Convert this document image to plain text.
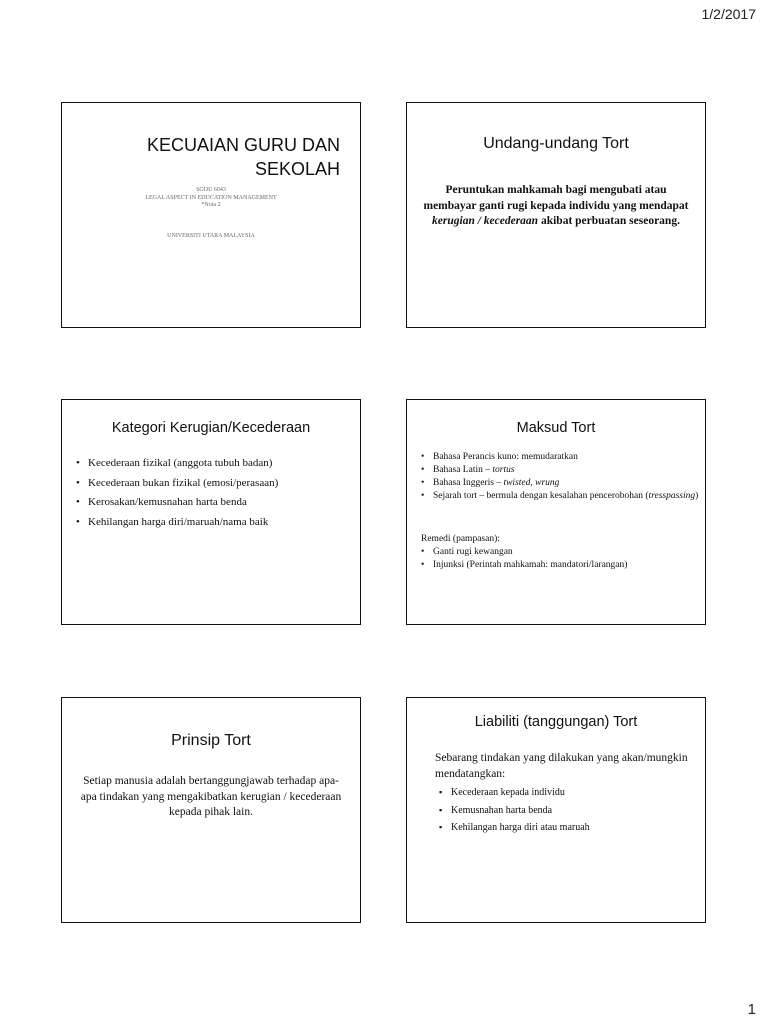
1/2/2017
KECUAIAN GURU DAN
SEKOLAH
SGDU 6043
LEGAL ASPECT IN EDUCATION MANAGEMENT
*Nota 2
UNIVERSITI UTARA MALAYSIA
Undang-undang Tort
Peruntukan mahkamah bagi mengubati atau membayar ganti rugi kepada individu yang mendapat kerugian / kecederaan akibat perbuatan seseorang.
Kategori Kerugian/Kecederaan
• Kecederaan fizikal (anggota tubuh badan)
• Kecederaan bukan fizikal (emosi/perasaan)
• Kerosakan/kemusnahan harta benda
• Kehilangan harga diri/maruah/nama baik
Maksud Tort
• Bahasa Perancis kuno: memudaratkan
• Bahasa Latin – tortus
• Bahasa Inggeris – twisted, wrung
• Sejarah tort – bermula dengan kesalahan pencerobohan (tresspassing)
Remedi (pampasan):
• Ganti rugi kewangan
• Injunksi (Perintah mahkamah: mandatori/larangan)
Prinsip Tort
Setiap manusia adalah bertanggungjawab terhadap apa-apa tindakan yang mengakibatkan kerugian / kecederaan kepada pihak lain.
Liabiliti (tanggungan) Tort
Sebarang tindakan yang dilakukan yang akan/mungkin mendatangkan:
▪ Kecederaan kepada individu
▪ Kemusnahan harta benda
▪ Kehilangan harga diri atau maruah
1
